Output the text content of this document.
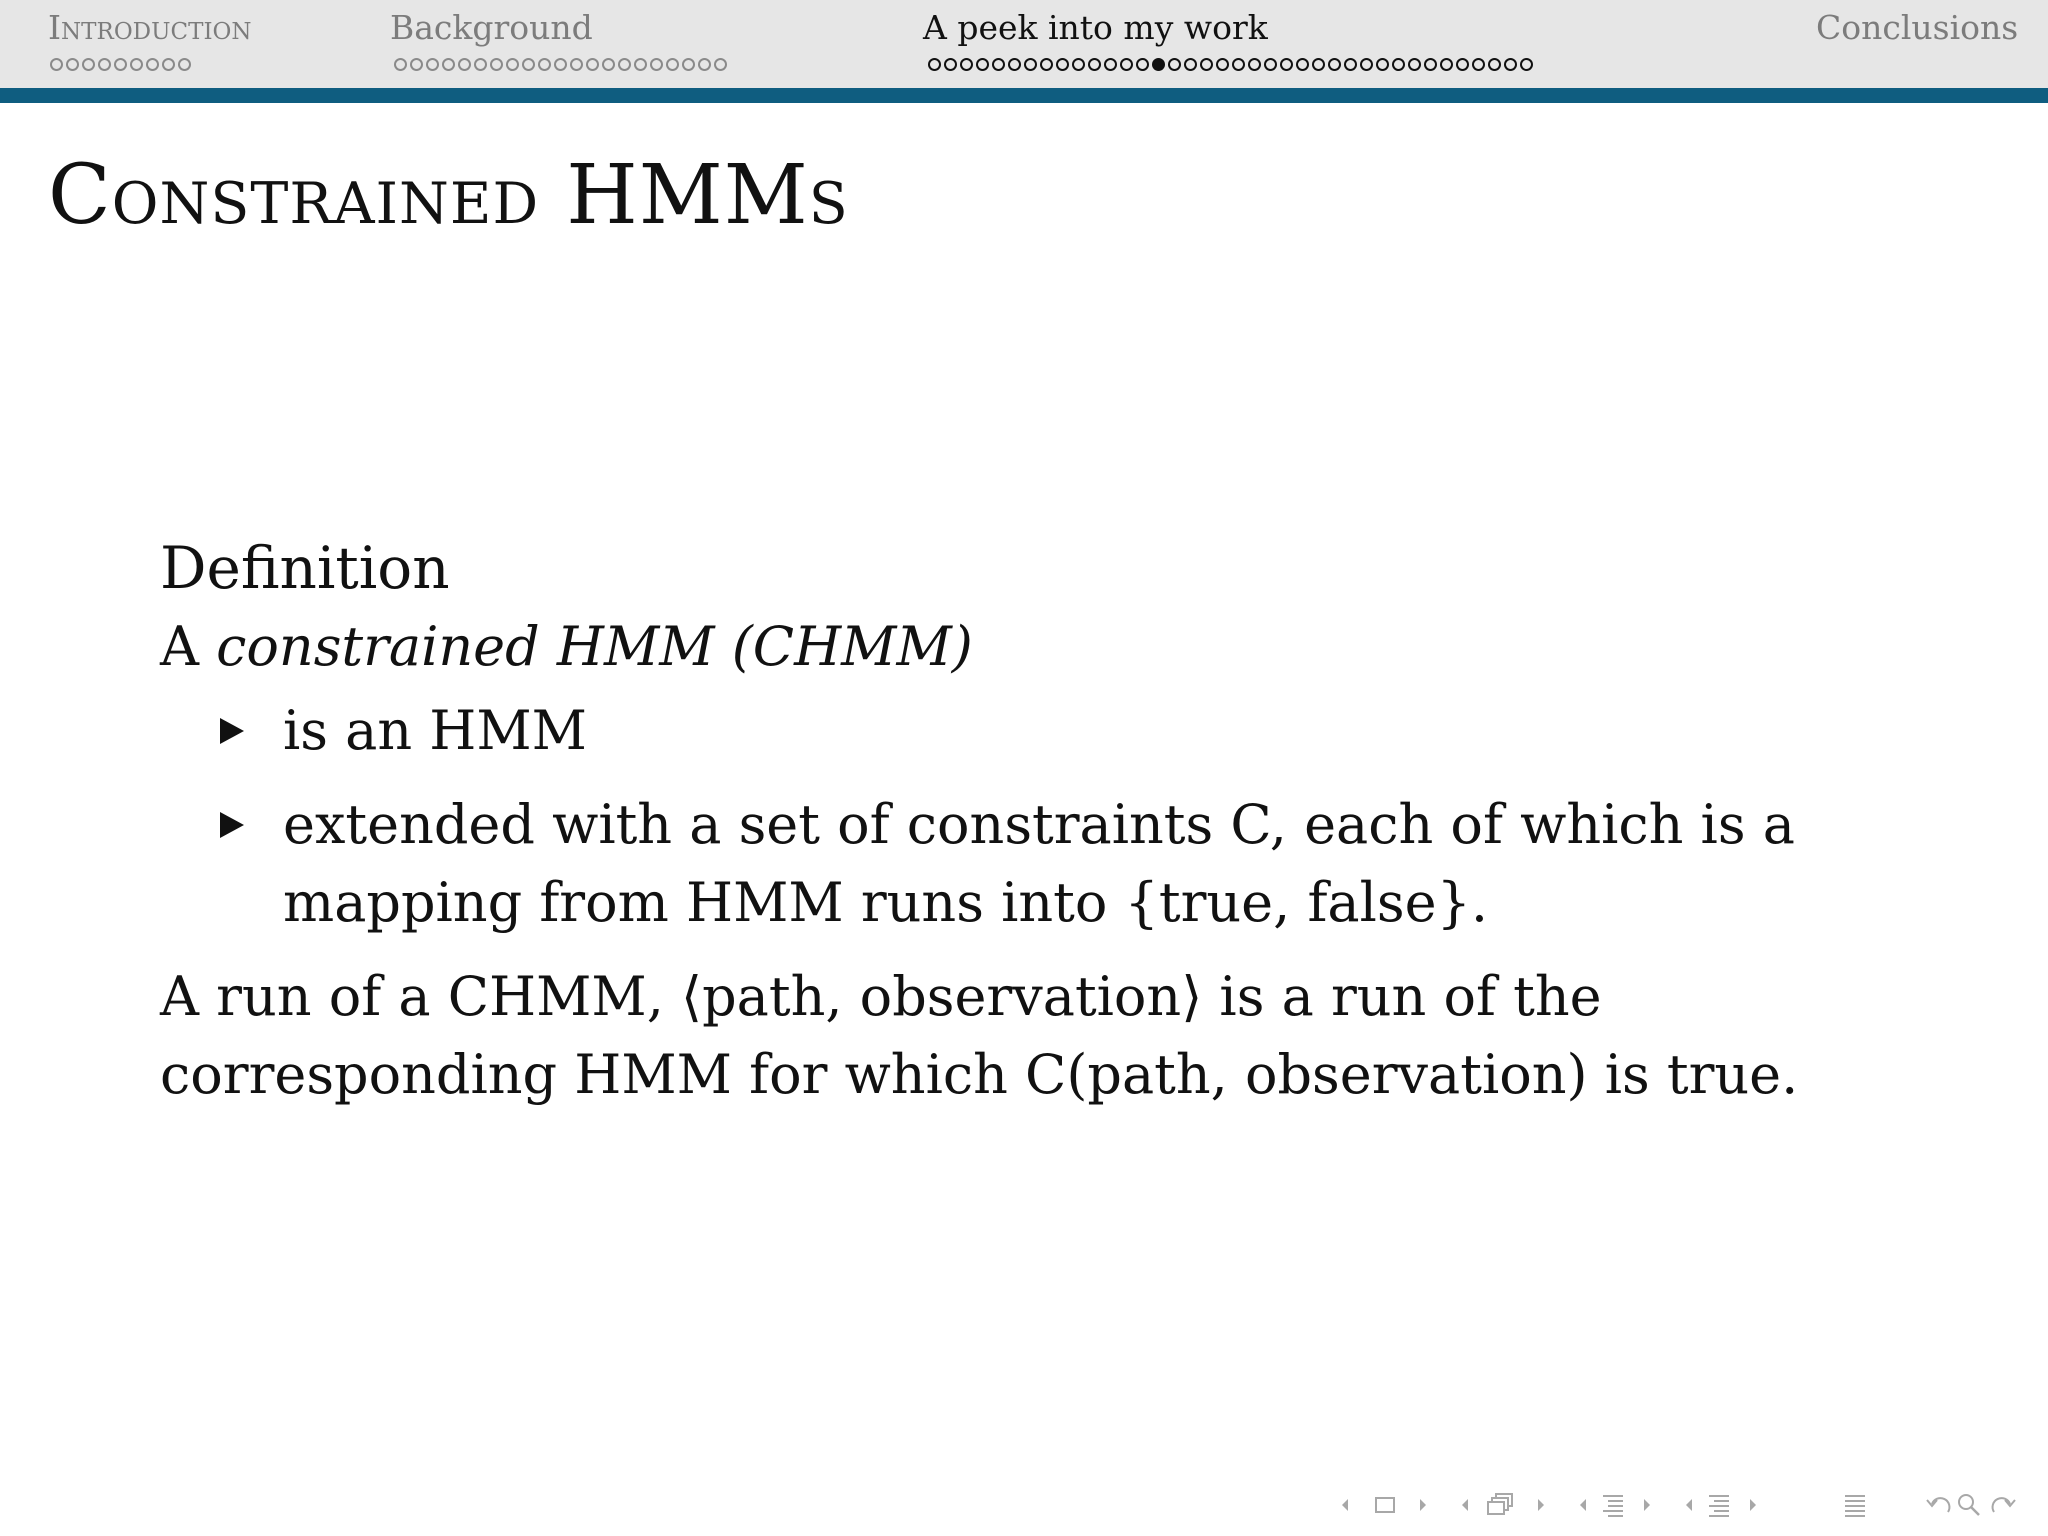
Introduction	Background	A peek into my work	Conclusions
Constrained HMMs
Definition
A constrained HMM (CHMM)
is an HMM
extended with a set of constraints C, each of which is a mapping from HMM runs into {true, false}.
A run of a CHMM, ⟨path, observation⟩ is a run of the corresponding HMM for which C(path, observation) is true.
